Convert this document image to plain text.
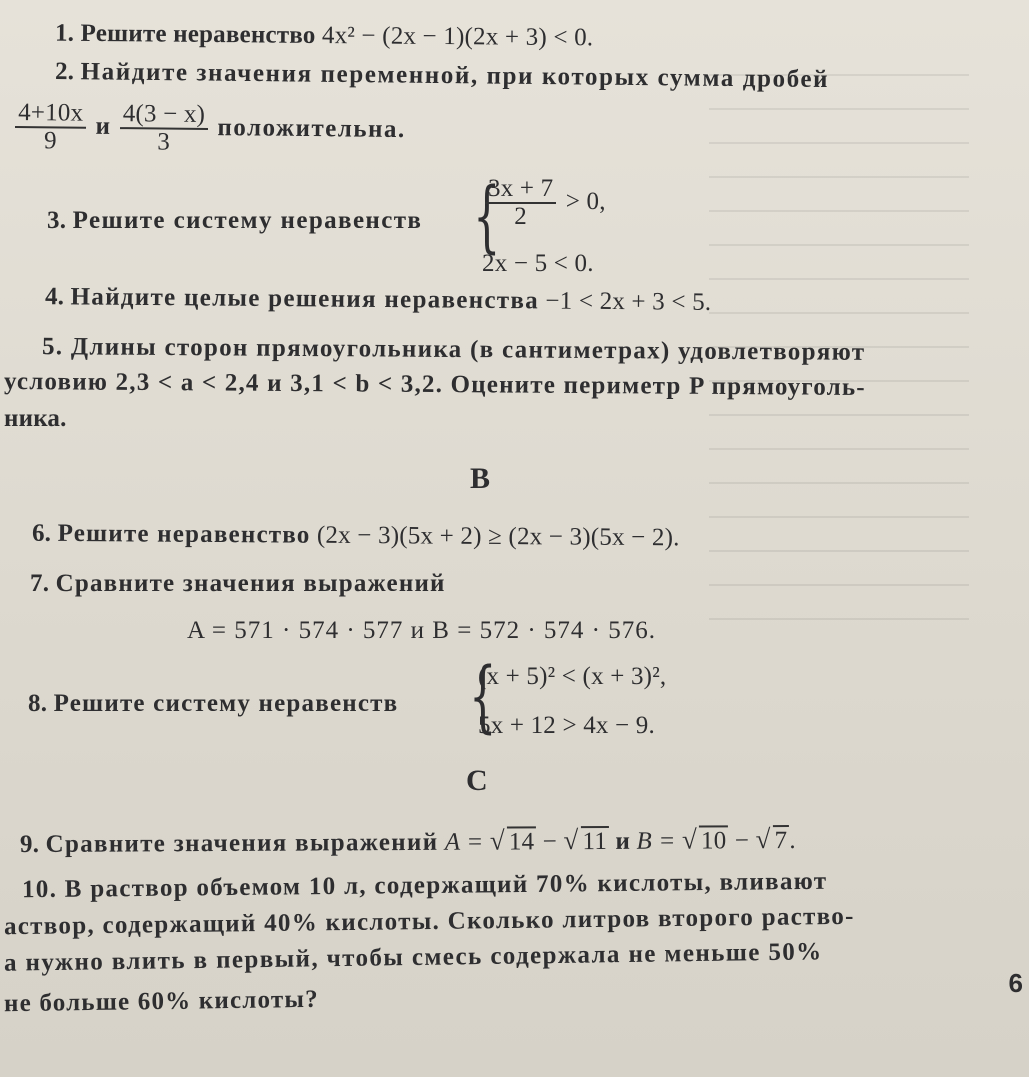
1. Решите неравенство 4x² − (2x − 1)(2x + 3) < 0.
2. Найдите значения переменной, при которых сумма дробей
$\frac{4+10x}{9}$ и $\frac{4(3 - x)}{3}$ положительна.
3. Решите систему неравенств {
$\frac{3x + 7}{2} > 0$,
2x − 5 < 0.
4. Найдите целые решения неравенства −1 < 2x + 3 < 5.
5. Длины сторон прямоугольника (в сантиметрах) удовлетворяют
условию 2,3 < a < 2,4 и 3,1 < b < 3,2. Оцените периметр P прямоуголь-
ника.
B
6. Решите неравенство (2x − 3)(5x + 2) ≥ (2x − 3)(5x − 2).
7. Сравните значения выражений
A = 571 · 574 · 577 и B = 572 · 574 · 576.
8. Решите систему неравенств {
(x + 5)² < (x + 3)²,
5x + 12 > 4x − 9.
C
9. Сравните значения выражений A = √ 14 − √ 11 и B = √ 10 − √ 7.
10. В раствор объемом 10 л, содержащий 70% кислоты, вливают
аствор, содержащий 40% кислоты. Сколько литров второго раство-
а нужно влить в первый, чтобы смесь содержала не меньше 50%
не больше 60% кислоты?
6
